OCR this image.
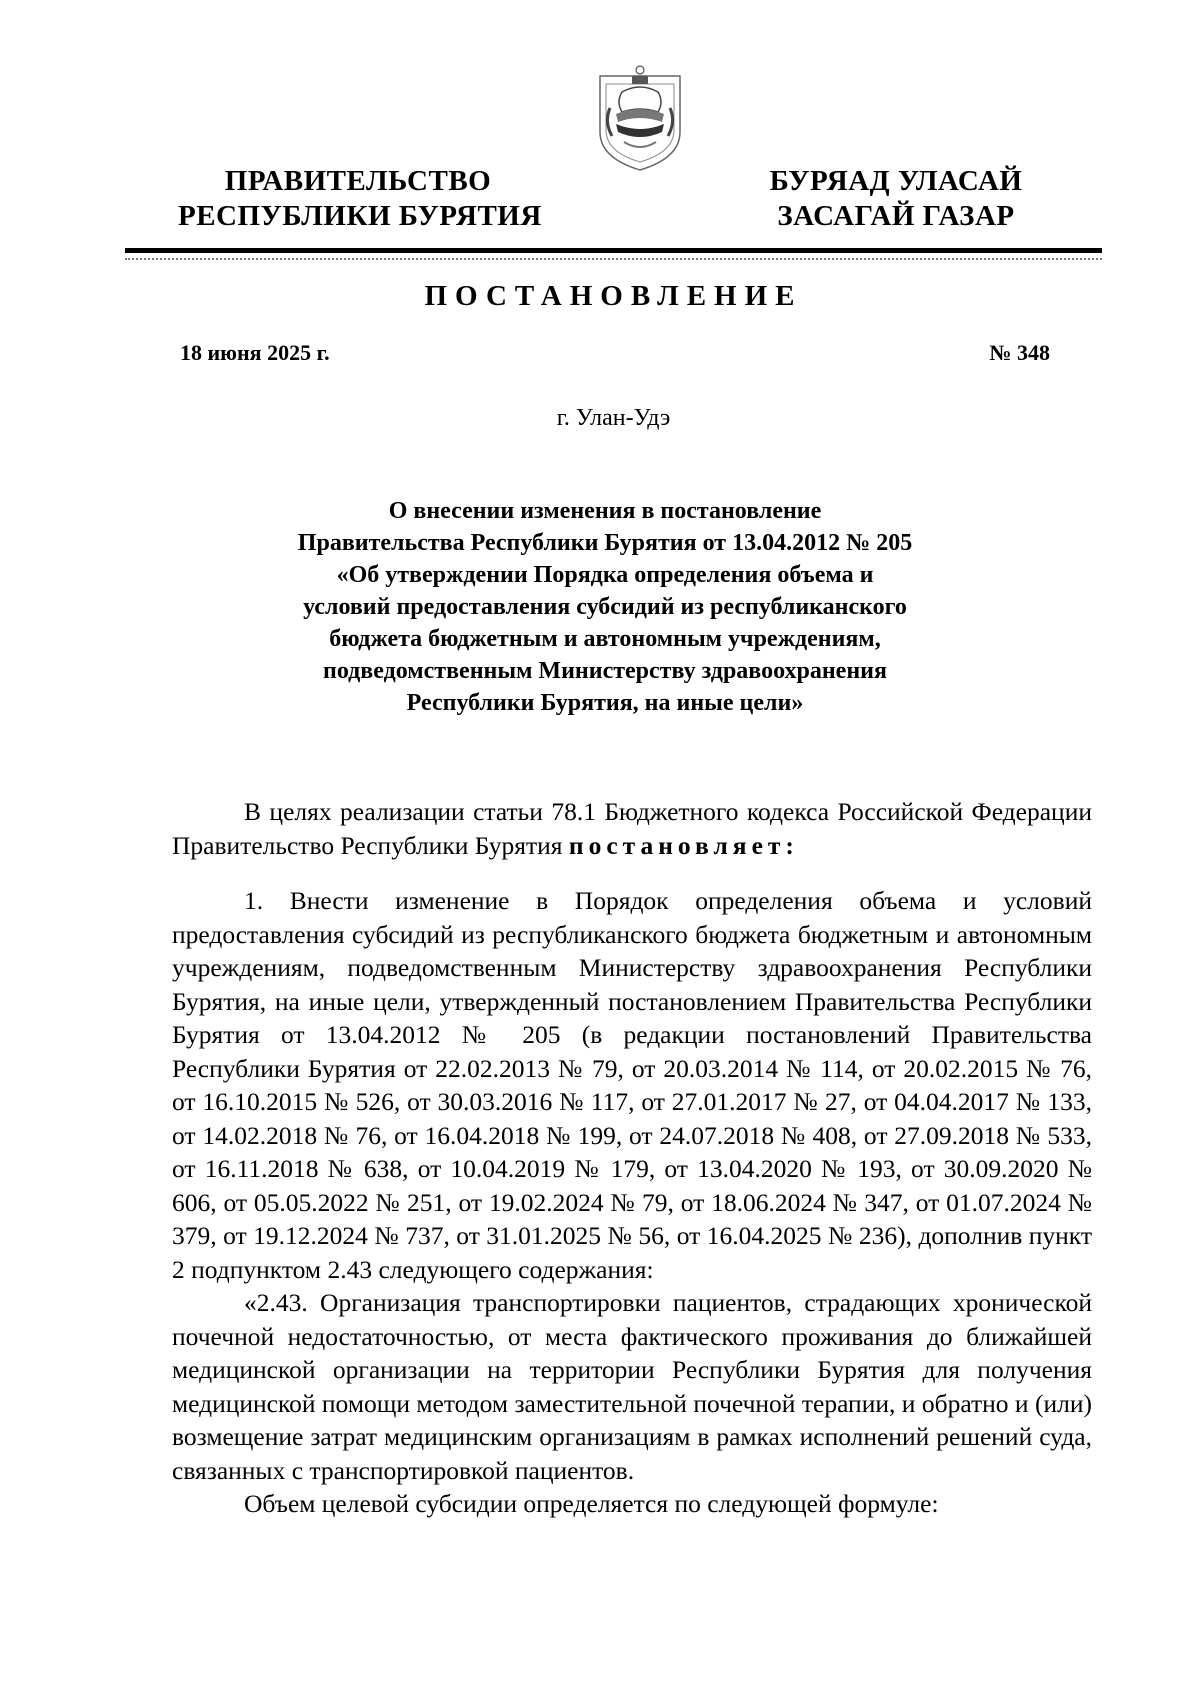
ПРАВИТЕЛЬСТВО
РЕСПУБЛИКИ БУРЯТИЯ
БУРЯАД УЛАСАЙ
ЗАСАГАЙ ГАЗАР
ПОСТАНОВЛЕНИЕ
18 июня 2025 г.	№ 348
г. Улан-Удэ
О внесении изменения в постановление
Правительства Республики Бурятия от 13.04.2012 № 205
«Об утверждении Порядка определения объема и
условий предоставления субсидий из республиканского
бюджета бюджетным и автономным учреждениям,
подведомственным Министерству здравоохранения
Республики Бурятия, на иные цели»

В целях реализации статьи 78.1 Бюджетного кодекса Российской Федерации Правительство Республики Бурятия постановляет:

1. Внести изменение в Порядок определения объема и условий предоставления субсидий из республиканского бюджета бюджетным и автономным учреждениям, подведомственным Министерству здравоохранения Республики Бурятия, на иные цели, утвержденный постановлением Правительства Республики Бурятия от 13.04.2012 № 205 (в редакции постановлений Правительства Республики Бурятия от 22.02.2013 № 79, от 20.03.2014 № 114, от 20.02.2015 № 76, от 16.10.2015 № 526, от 30.03.2016 № 117, от 27.01.2017 № 27, от 04.04.2017 № 133, от 14.02.2018 № 76, от 16.04.2018 № 199, от 24.07.2018 № 408, от 27.09.2018 № 533, от 16.11.2018 № 638, от 10.04.2019 № 179, от 13.04.2020 № 193, от 30.09.2020 № 606, от 05.05.2022 № 251, от 19.02.2024 № 79, от 18.06.2024 № 347, от 01.07.2024 № 379, от 19.12.2024 № 737, от 31.01.2025 № 56, от 16.04.2025 № 236), дополнив пункт 2 подпунктом 2.43 следующего содержания:

«2.43. Организация транспортировки пациентов, страдающих хронической почечной недостаточностью, от места фактического проживания до ближайшей медицинской организации на территории Республики Бурятия для получения медицинской помощи методом заместительной почечной терапии, и обратно и (или) возмещение затрат медицинским организациям в рамках исполнений решений суда, связанных с транспортировкой пациентов.

Объем целевой субсидии определяется по следующей формуле:
